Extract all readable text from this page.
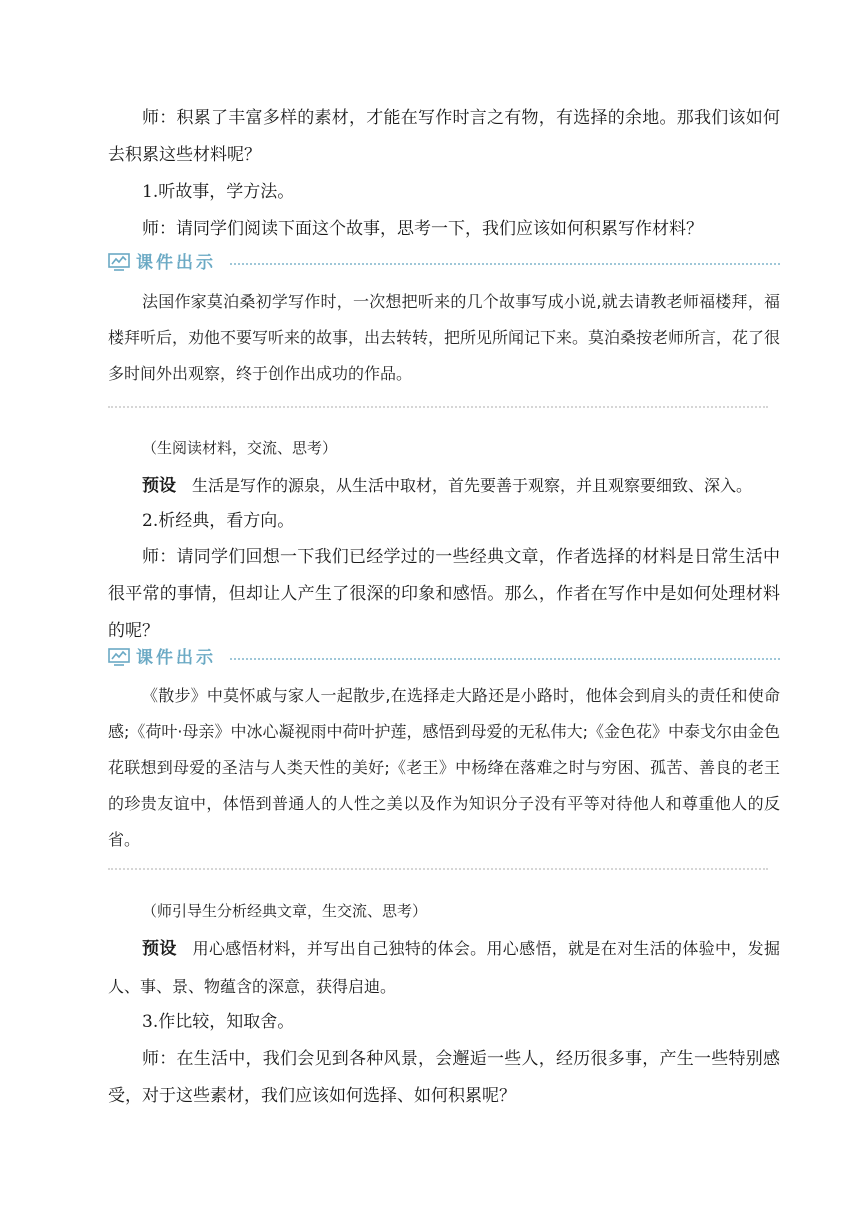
师：积累了丰富多样的素材，才能在写作时言之有物，有选择的余地。那我们该如何去积累这些材料呢？

1.听故事，学方法。

师：请同学们阅读下面这个故事，思考一下，我们应该如何积累写作材料？

课件出示

法国作家莫泊桑初学写作时，一次想把听来的几个故事写成小说,就去请教老师福楼拜，福楼拜听后，劝他不要写听来的故事，出去转转，把所见所闻记下来。莫泊桑按老师所言，花了很多时间外出观察，终于创作出成功的作品。

（生阅读材料，交流、思考）

预设 生活是写作的源泉，从生活中取材，首先要善于观察，并且观察要细致、深入。

2.析经典，看方向。

师：请同学们回想一下我们已经学过的一些经典文章，作者选择的材料是日常生活中很平常的事情，但却让人产生了很深的印象和感悟。那么，作者在写作中是如何处理材料的呢？

课件出示

《散步》中莫怀戚与家人一起散步,在选择走大路还是小路时，他体会到肩头的责任和使命感;《荷叶·母亲》中冰心凝视雨中荷叶护莲，感悟到母爱的无私伟大;《金色花》中泰戈尔由金色花联想到母爱的圣洁与人类天性的美好;《老王》中杨绛在落难之时与穷困、孤苦、善良的老王的珍贵友谊中，体悟到普通人的人性之美以及作为知识分子没有平等对待他人和尊重他人的反省。

（师引导生分析经典文章，生交流、思考）

预设 用心感悟材料，并写出自己独特的体会。用心感悟，就是在对生活的体验中，发掘人、事、景、物蕴含的深意，获得启迪。

3.作比较，知取舍。

师：在生活中，我们会见到各种风景，会邂逅一些人，经历很多事，产生一些特别感受，对于这些素材，我们应该如何选择、如何积累呢？
